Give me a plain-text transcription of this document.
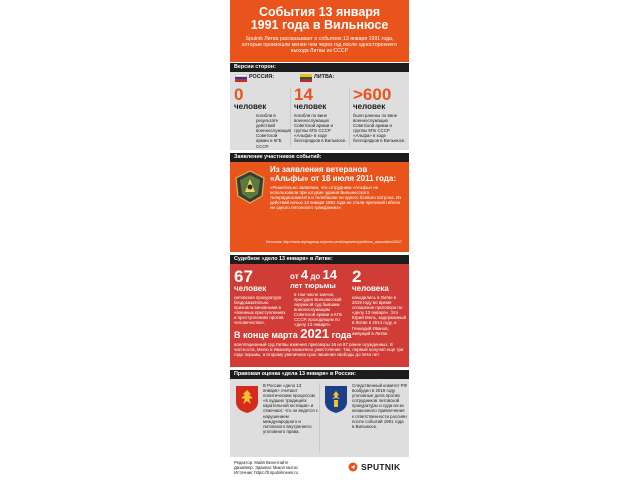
События 13 января
1991 года в Вильнюсе
Sputnik Литва рассказывает о событиях 13 января 1991 года, которые произошли менее чем через год после одностороннего выхода Литвы из СССР
Версии сторон:
РОССИЯ:	ЛИТВА:
0
человек
погибли в результате действий военнослужащих Советской армии и КГБ СССР.
14
человек
погибли по вине военнослужащих Советской армии и группы КГБ СССР «Альфа» в ходе беспорядков в Вильнюсе.
>600
человек
были ранены по вине военнослужащих Советской армии и группы КГБ СССР «Альфа» в ходе беспорядков в Вильнюсе.
Заявление участников событий:
Из заявления ветеранов
«Альфы» от 18 июля 2011 года:
«Решительно заявляем, что сотрудники «Альфы» не использовали при штурме здания Вильнюсского телерадиокомитета и телебашни ни одного боевого патрона. Из действий ночью 13 января 1991 года не стали причиной гибели ни одного литовского гражданина».
Источник: http://www.alphagroup.ru/press-centr/zayavleniya/vilnius_association/3047
Судебное «дело 13 января» в Литве:
67
человек
литовская прокуратура бездоказательно признала виновными в «военных преступлениях и преступлениях против человечества».
от 4 до 14
лет тюрьмы
в том числе заочно, присудил Вильнюсский окружной суд бывшим военнослужащим Советской армии и КГБ СССР, проходящим по «делу 13 января».
2
человека
находились в Литве в 2019 году во время оглашения приговора по «делу 13 января». Это Юрий Мель, задержанный в Литве в 2014 году, и Геннадий Иванов, живущий в Литве.
В конце марта 2021 года
апелляционный суд Литвы изменил приговоры 16 из 67 ранее осужденных. В частности, Мелю и Иванову назначено ужесточение. Так, первый получил еще три года тюрьмы, а второму увеличили срок лишения свободы до пяти лет.
Правовая оценка «дела 13 января» в России:
В России «дело 13 января» считают политическим процессом «в худших традициях карательной юстиции» и отмечают, что он ведется с нарушением международного и литовского внутреннего уголовного права.
Следственный комитет РФ возбудил в 2019 году уголовные дела против сотрудников литовской прокуратуры и суда из-за незаконного привлечения к ответственности россиян после событий 1991 года в Вильнюсе.
Редактор: Майя Вехентайте
Дизайнер: Эдвинас Миколтаитас
Источник: https://lt.sputniknews.ru
SPUTNIK
